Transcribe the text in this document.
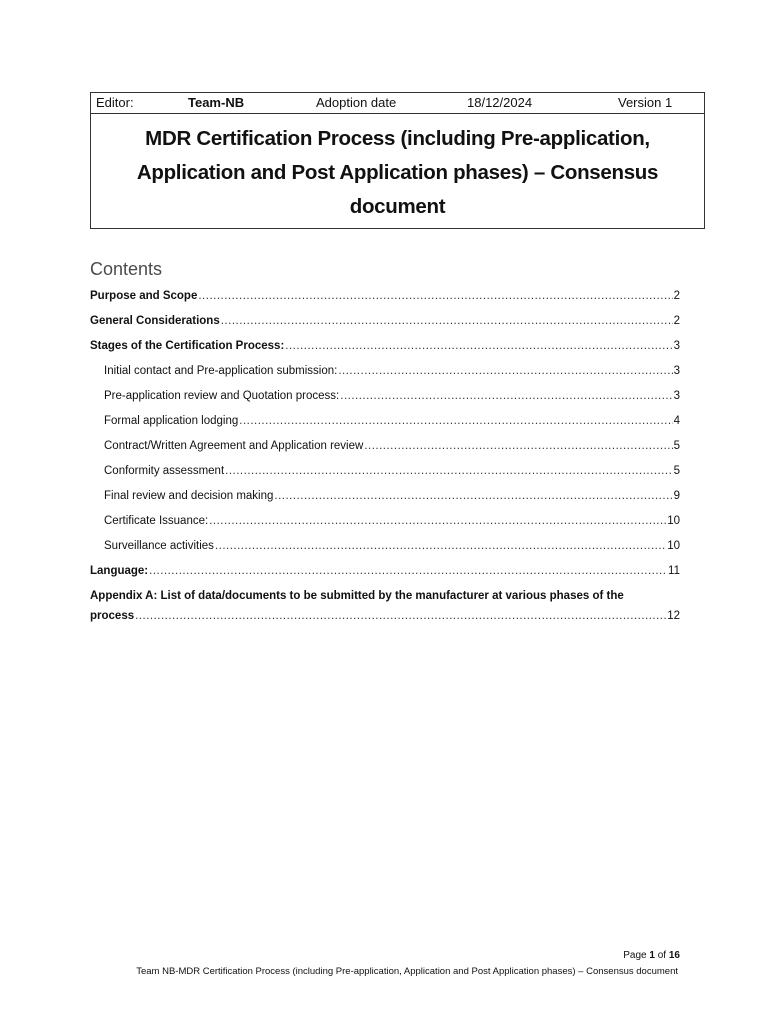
Editor:	Team-NB	Adoption date	18/12/2024	Version 1
MDR Certification Process (including Pre-application, Application and Post Application phases) – Consensus document
Contents
Purpose and Scope .....	2
General Considerations .....	2
Stages of the Certification Process: .....	3
Initial contact and Pre-application submission: .....	3
Pre-application review and Quotation process: .....	3
Formal application lodging .....	4
Contract/Written Agreement and Application review .....	5
Conformity assessment .....	5
Final review and decision making .....	9
Certificate Issuance: .....	10
Surveillance activities .....	10
Language: .....	11
Appendix A: List of data/documents to be submitted by the manufacturer at various phases of the
process .....	12
Page 1 of 16
Team NB-MDR Certification Process (including Pre-application, Application and Post Application phases) – Consensus document
